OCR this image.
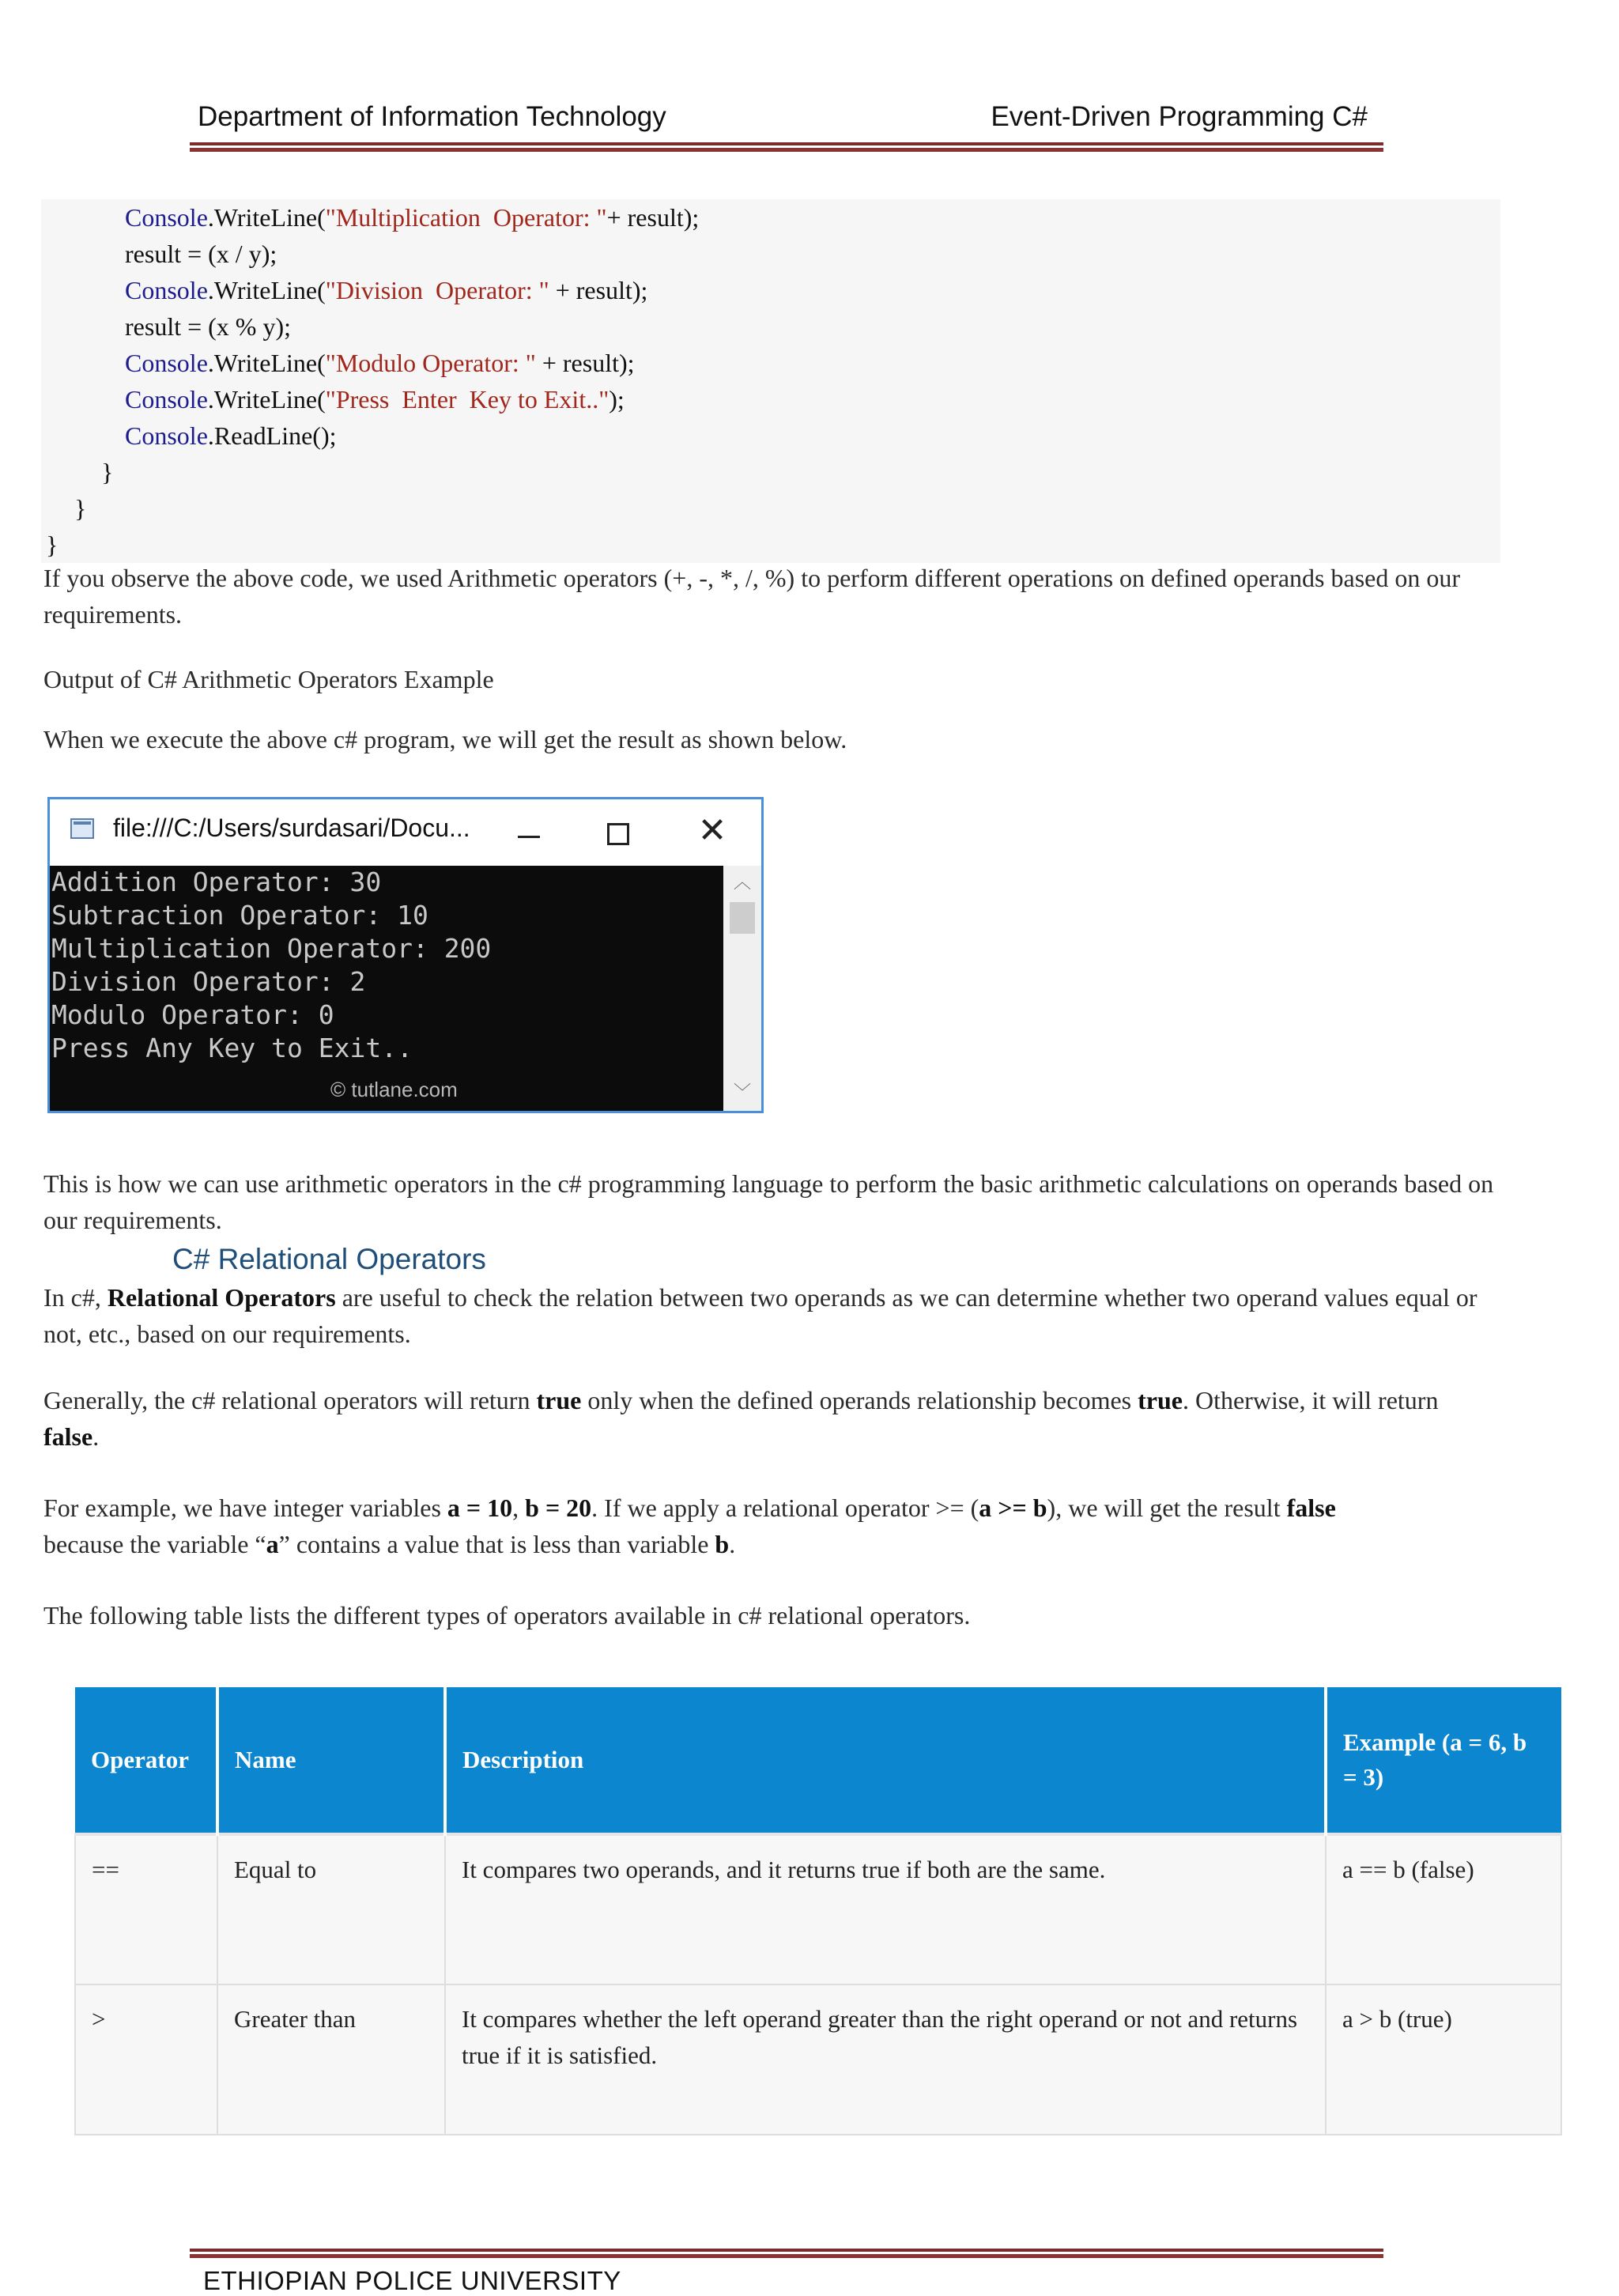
Department of Information Technology	Event-Driven Programming C#
Console.WriteLine("Multiplication  Operator: "+ result);
result = (x / y);
Console.WriteLine("Division  Operator: " + result);
result = (x % y);
Console.WriteLine("Modulo Operator: " + result);
Console.WriteLine("Press  Enter  Key to Exit..");
Console.ReadLine();
}
}
}
If you observe the above code, we used Arithmetic operators (+, -, *, /, %) to perform different operations on defined operands based on our requirements.
Output of C# Arithmetic Operators Example
When we execute the above c# program, we will get the result as shown below.
file:///C:/Users/surdasari/Docu...	✕
Addition Operator: 30
Subtraction Operator: 10
Multiplication Operator: 200
Division Operator: 2
Modulo Operator: 0
Press Any Key to Exit..
© tutlane.com
︿
﹀
This is how we can use arithmetic operators in the c# programming language to perform the basic arithmetic calculations on operands based on our requirements.
C# Relational Operators
In c#, Relational Operators are useful to check the relation between two operands as we can determine whether two operand values equal or not, etc., based on our requirements.
Generally, the c# relational operators will return true only when the defined operands relationship becomes true. Otherwise, it will return false.
For example, we have integer variables a = 10, b = 20. If we apply a relational operator >= (a >= b), we will get the result false because the variable “a” contains a value that is less than variable b.
The following table lists the different types of operators available in c# relational operators.
Operator	Name	Description	Example (a = 6, b = 3)
==	Equal to	It compares two operands, and it returns true if both are the same.	a == b (false)
>	Greater than	It compares whether the left operand greater than the right operand or not and returns true if it is satisfied.	a > b (true)
ETHIOPIAN POLICE UNIVERSITY
